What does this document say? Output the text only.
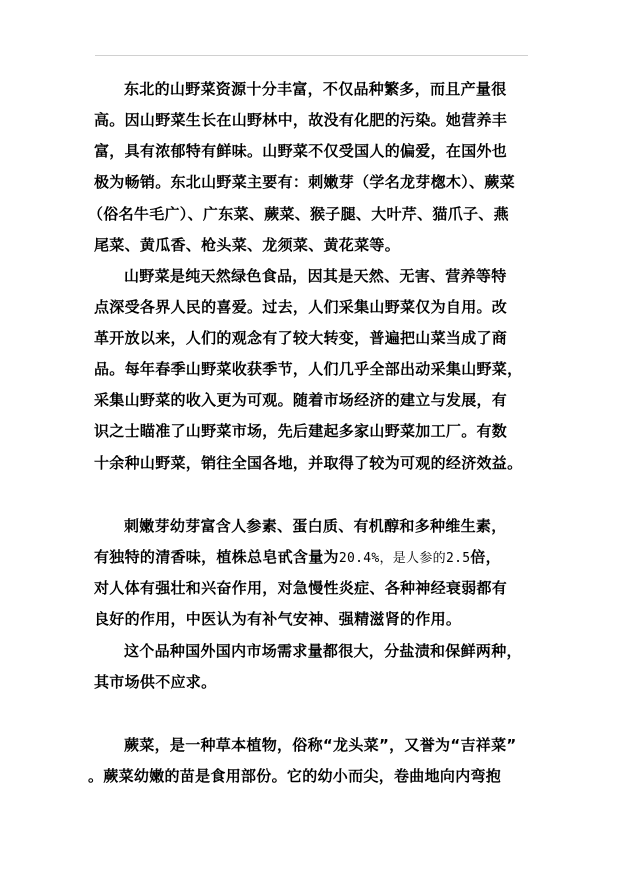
东北的山野菜资源十分丰富，不仅品种繁多，而且产量很
高。因山野菜生长在山野林中，故没有化肥的污染。她营养丰
富，具有浓郁特有鲜味。山野菜不仅受国人的偏爱，在国外也
极为畅销。东北山野菜主要有：刺嫩芽（学名龙芽楤木）、蕨菜
（俗名牛毛广）、广东菜、蕨菜、猴子腿、大叶芹、猫爪子、燕
尾菜、黄瓜香、枪头菜、龙须菜、黄花菜等。
山野菜是纯天然绿色食品，因其是天然、无害、营养等特
点深受各界人民的喜爱。过去，人们采集山野菜仅为自用。改
革开放以来，人们的观念有了较大转变，普遍把山菜当成了商
品。每年春季山野菜收获季节，人们几乎全部出动采集山野菜，
采集山野菜的收入更为可观。随着市场经济的建立与发展，有
识之士瞄准了山野菜市场，先后建起多家山野菜加工厂。有数
十余种山野菜，销往全国各地，并取得了较为可观的经济效益。
刺嫩芽幼芽富含人参素、蛋白质、有机醇和多种维生素，
有独特的清香味，植株总皂甙含量为20.4%，是人参的2.5倍，
对人体有强壮和兴奋作用，对急慢性炎症、各种神经衰弱都有
良好的作用，中医认为有补气安神、强精滋肾的作用。
这个品种国外国内市场需求量都很大，分盐渍和保鲜两种，
其市场供不应求。
蕨菜，是一种草本植物，俗称“龙头菜”，又誉为“吉祥菜”
。蕨菜幼嫩的苗是食用部份。它的幼小而尖，卷曲地向内弯抱
